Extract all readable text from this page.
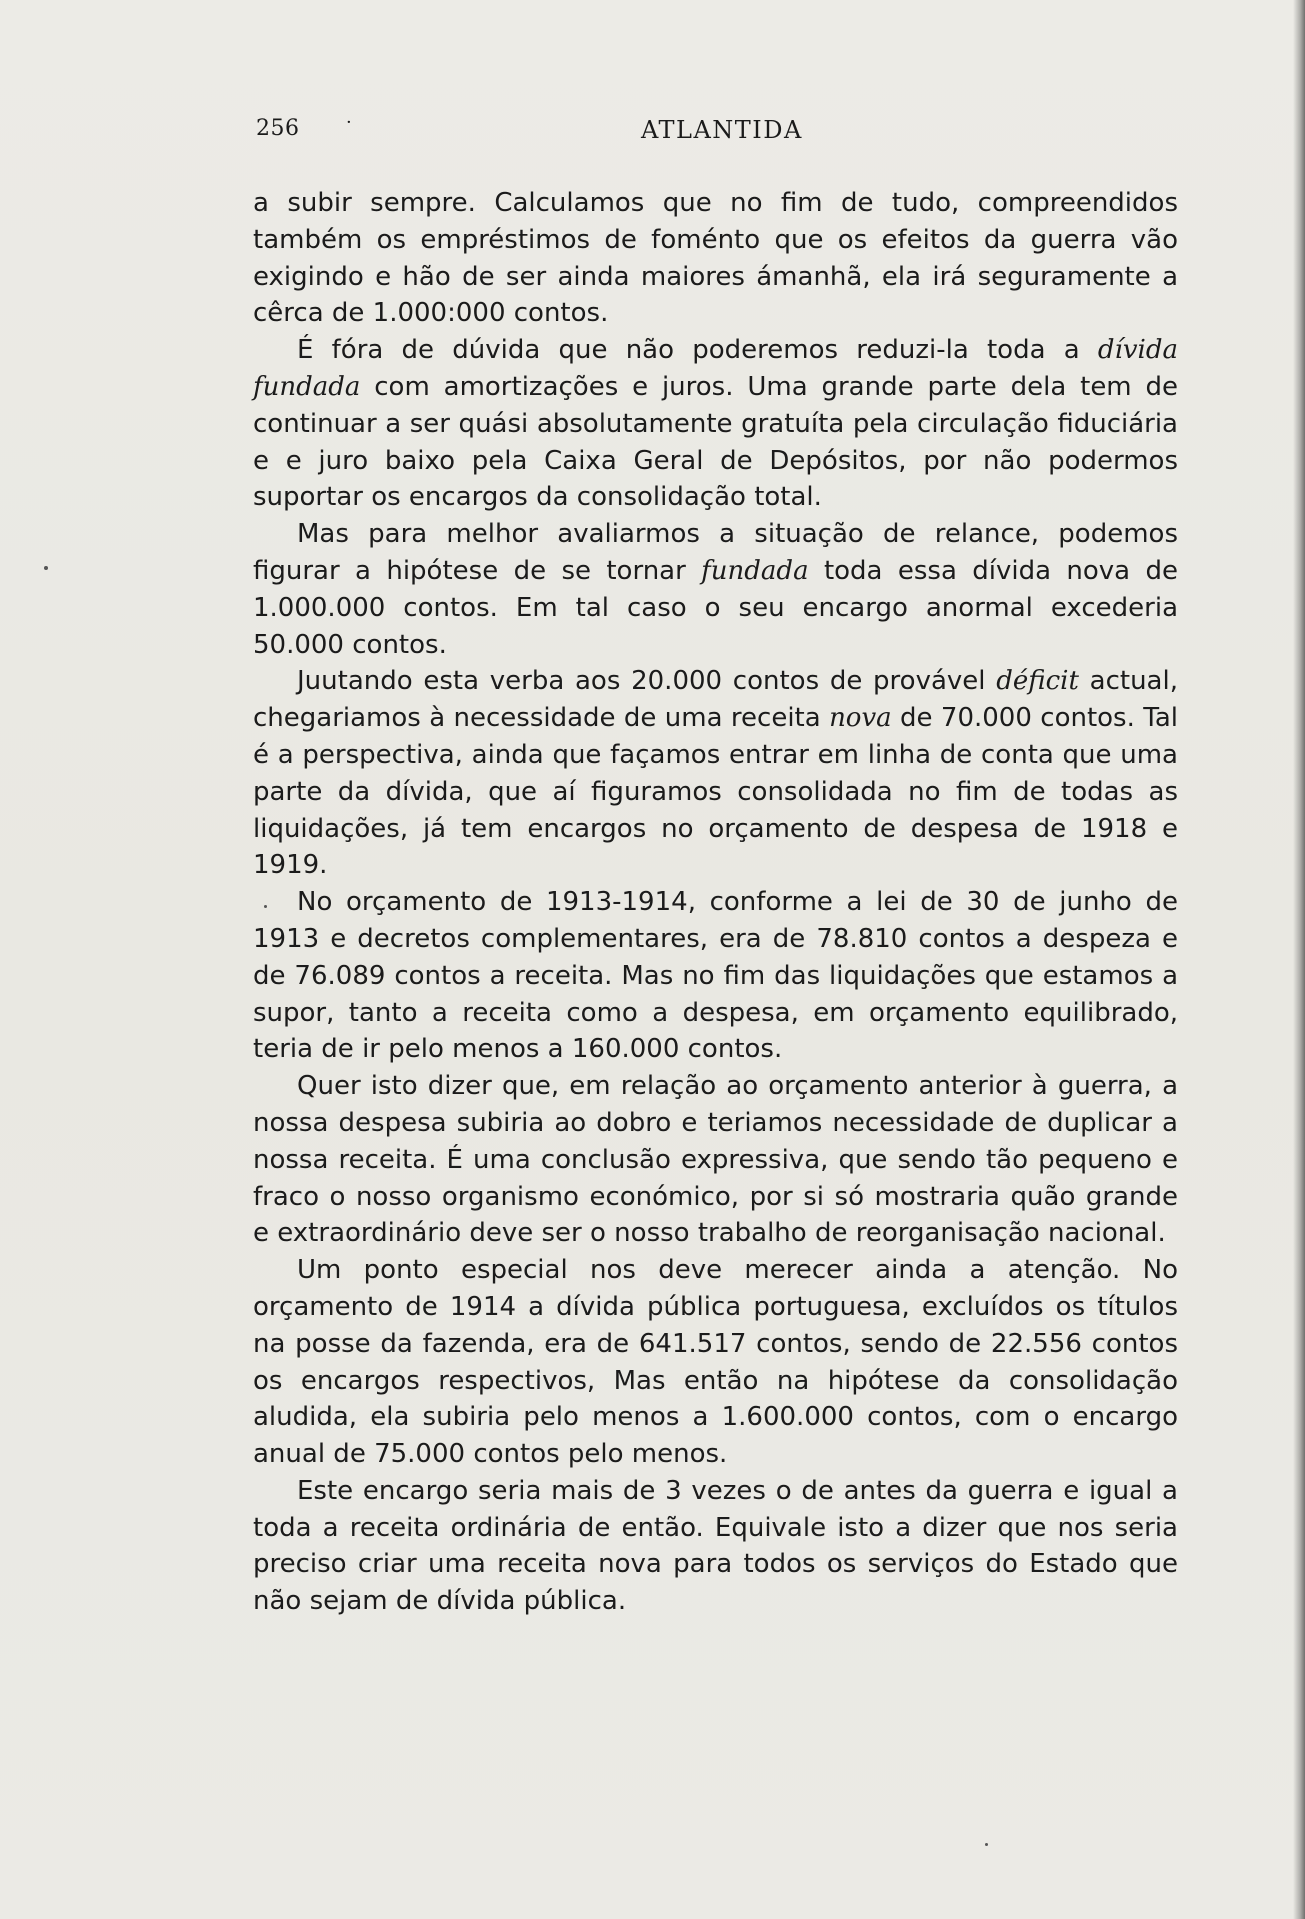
256	·	ATLANTIDA

a subir sempre. Calculamos que no fim de tudo, compreendidos também os empréstimos de foménto que os efeitos da guerra vão exigindo e hão de ser ainda maiores ámanhã, ela irá seguramente a cêrca de 1.000:000 contos.

É fóra de dúvida que não poderemos reduzi-la toda a dívida fundada com amortizações e juros. Uma grande parte dela tem de continuar a ser quási absolutamente gratuíta pela circulação fiduciária e e juro baixo pela Caixa Geral de Depósitos, por não podermos suportar os encargos da consolidação total.

Mas para melhor avaliarmos a situação de relance, podemos figurar a hipótese de se tornar fundada toda essa dívida nova de 1.000.000 contos. Em tal caso o seu encargo anormal excederia 50.000 contos.

Juutando esta verba aos 20.000 contos de provável déficit actual, chegariamos à necessidade de uma receita nova de 70.000 contos. Tal é a perspectiva, ainda que façamos entrar em linha de conta que uma parte da dívida, que aí figuramos consolidada no fim de todas as liquidações, já tem encargos no orçamento de despesa de 1918 e 1919.

No orçamento de 1913-1914, conforme a lei de 30 de junho de 1913 e decretos complementares, era de 78.810 contos a despeza e de 76.089 contos a receita. Mas no fim das liquidações que estamos a supor, tanto a receita como a despesa, em orçamento equilibrado, teria de ir pelo menos a 160.000 contos.

Quer isto dizer que, em relação ao orçamento anterior à guerra, a nossa despesa subiria ao dobro e teriamos necessidade de duplicar a nossa receita. É uma conclusão expressiva, que sendo tão pequeno e fraco o nosso organismo económico, por si só mostraria quão grande e extraordinário deve ser o nosso trabalho de reorganisação nacional.

Um ponto especial nos deve merecer ainda a atenção. No orçamento de 1914 a dívida pública portuguesa, excluídos os títulos na posse da fazenda, era de 641.517 contos, sendo de 22.556 contos os encargos respectivos, Mas então na hipótese da consolidação aludida, ela subiria pelo menos a 1.600.000 contos, com o encargo anual de 75.000 contos pelo menos.

Este encargo seria mais de 3 vezes o de antes da guerra e igual a toda a receita ordinária de então. Equivale isto a dizer que nos seria preciso criar uma receita nova para todos os serviços do Estado que não sejam de dívida pública.
